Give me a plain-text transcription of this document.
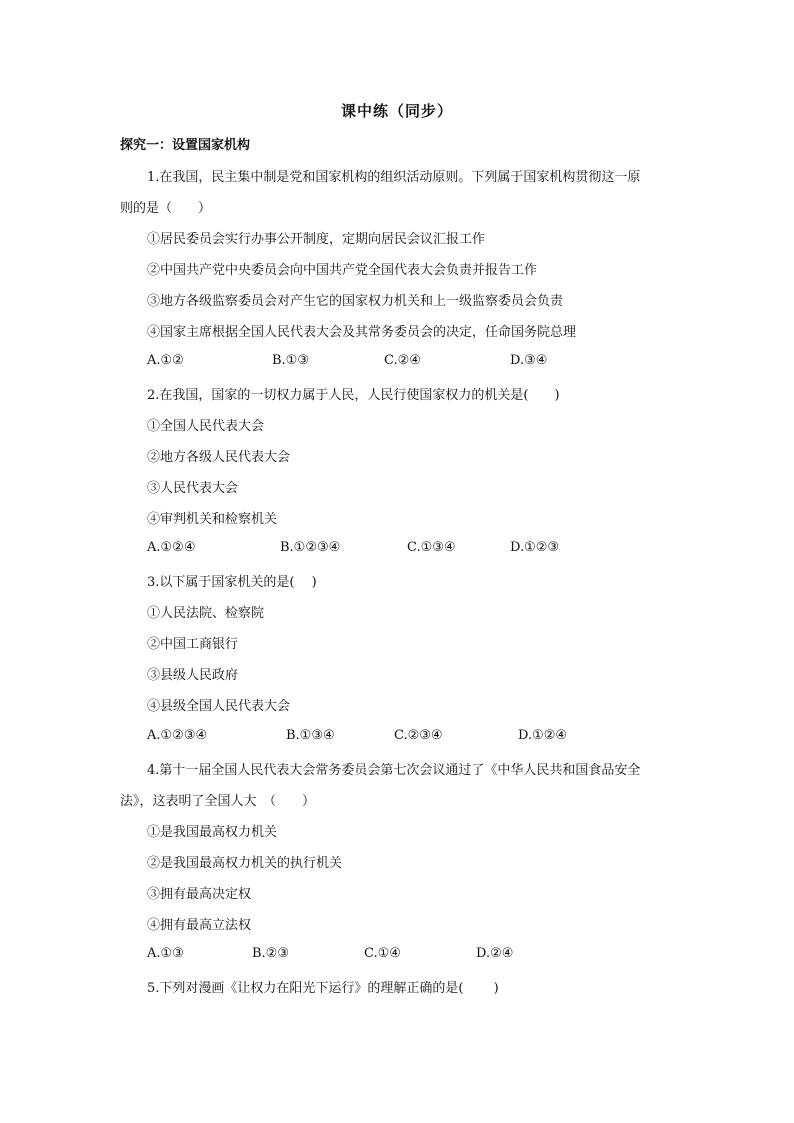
课中练（同步）
探究一：设置国家机构
1.在我国，民主集中制是党和国家机构的组织活动原则。下列属于国家机构贯彻这一原
则的是（　　）
①居民委员会实行办事公开制度，定期向居民会议汇报工作
②中国共产党中央委员会向中国共产党全国代表大会负责并报告工作
③地方各级监察委员会对产生它的国家权力机关和上一级监察委员会负责
④国家主席根据全国人民代表大会及其常务委员会的决定，任命国务院总理
A.①②	B.①③	C.②④	D.③④
2.在我国，国家的一切权力属于人民，人民行使国家权力的机关是(　　)
①全国人民代表大会
②地方各级人民代表大会
③人民代表大会
④审判机关和检察机关
A.①②④	B.①②③④	C.①③④	D.①②③
3.以下属于国家机关的是(　 )
①人民法院、检察院
②中国工商银行
③县级人民政府
④县级全国人民代表大会
A.①②③④	B.①③④	C.②③④	D.①②④
4.第十一届全国人民代表大会常务委员会第七次会议通过了《中华人民共和国食品安全
法》，这表明了全国人大　（　　）
①是我国最高权力机关
②是我国最高权力机关的执行机关
③拥有最高决定权
④拥有最高立法权
A.①③	B.②③	C.①④	D.②④
5.下列对漫画《让权力在阳光下运行》的理解正确的是(　　 )
